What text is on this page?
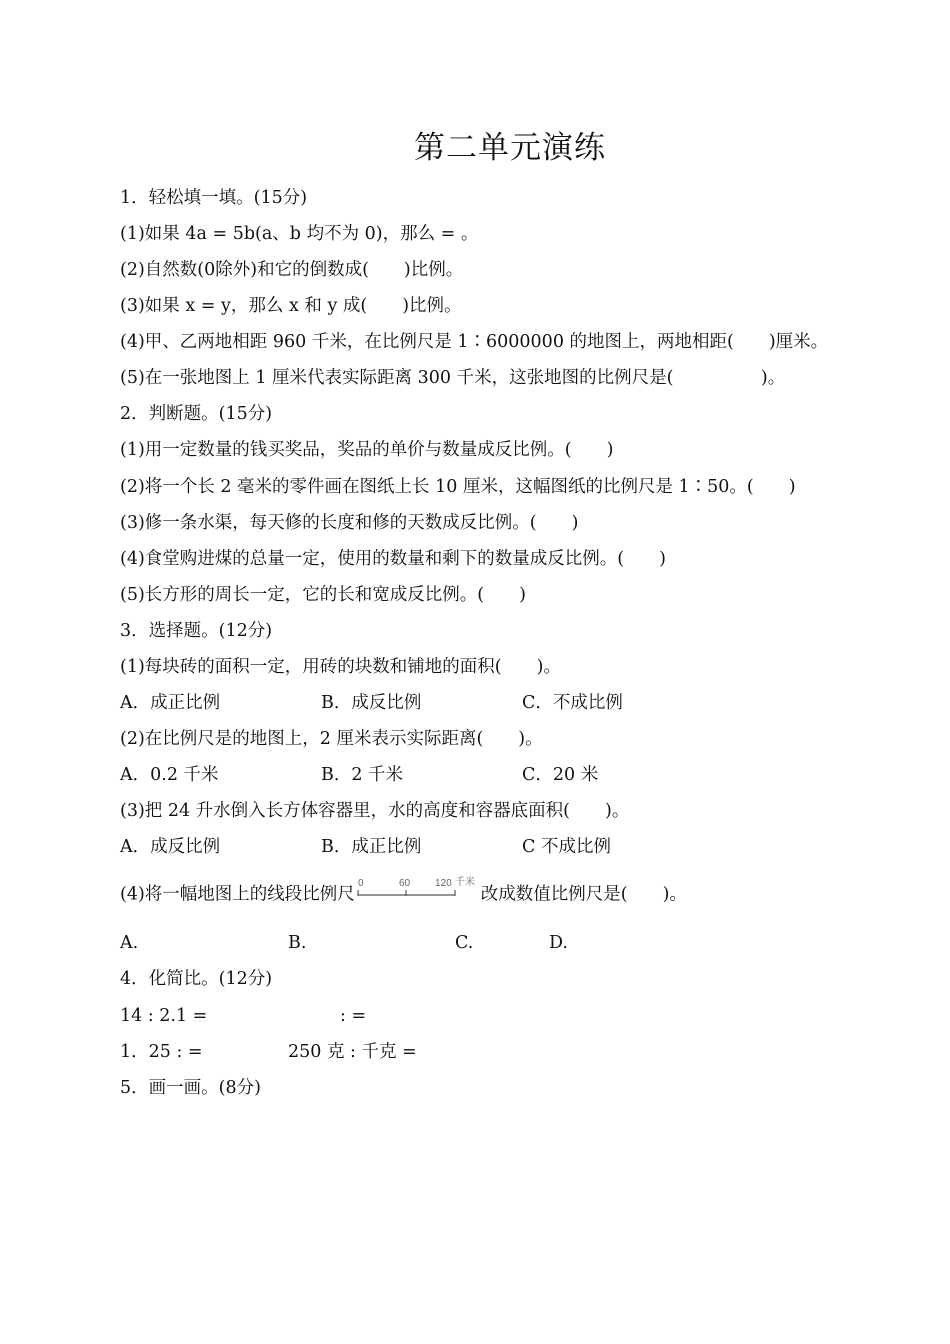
第二单元演练
1．轻松填一填。(15分)
(1)如果 4a = 5b(a、b 均不为 0)，那么 = 。
(2)自然数(0除外)和它的倒数成(　　)比例。
(3)如果 x = y，那么 x 和 y 成(　　)比例。
(4)甲、乙两地相距 960 千米，在比例尺是 1∶6000000 的地图上，两地相距(　　)厘米。
(5)在一张地图上 1 厘米代表实际距离 300 千米，这张地图的比例尺是(　　　　　)。
2．判断题。(15分)
(1)用一定数量的钱买奖品，奖品的单价与数量成反比例。(　　)
(2)将一个长 2 毫米的零件画在图纸上长 10 厘米，这幅图纸的比例尺是 1∶50。(　　)
(3)修一条水渠，每天修的长度和修的天数成反比例。(　　)
(4)食堂购进煤的总量一定，使用的数量和剩下的数量成反比例。(　　)
(5)长方形的周长一定，它的长和宽成反比例。(　　)
3．选择题。(12分)
(1)每块砖的面积一定，用砖的块数和铺地的面积(　　)。
A．成正比例	B．成反比例	C．不成比例
(2)在比例尺是的地图上，2 厘米表示实际距离(　　)。
A．0.2 千米	B．2 千米	C．20 米
(3)把 24 升水倒入长方体容器里，水的高度和容器底面积(　　)。
A．成反比例	B．成正比例	C 不成比例
(4)将一幅地图上的线段比例尺
0	60 120 千米
改成数值比例尺是(　　)。
A.	B.	C.	D.
4．化简比。(12分)
14 : 2.1 =	: =
1．25 : =	250 克 : 千克 =
5．画一画。(8分)
